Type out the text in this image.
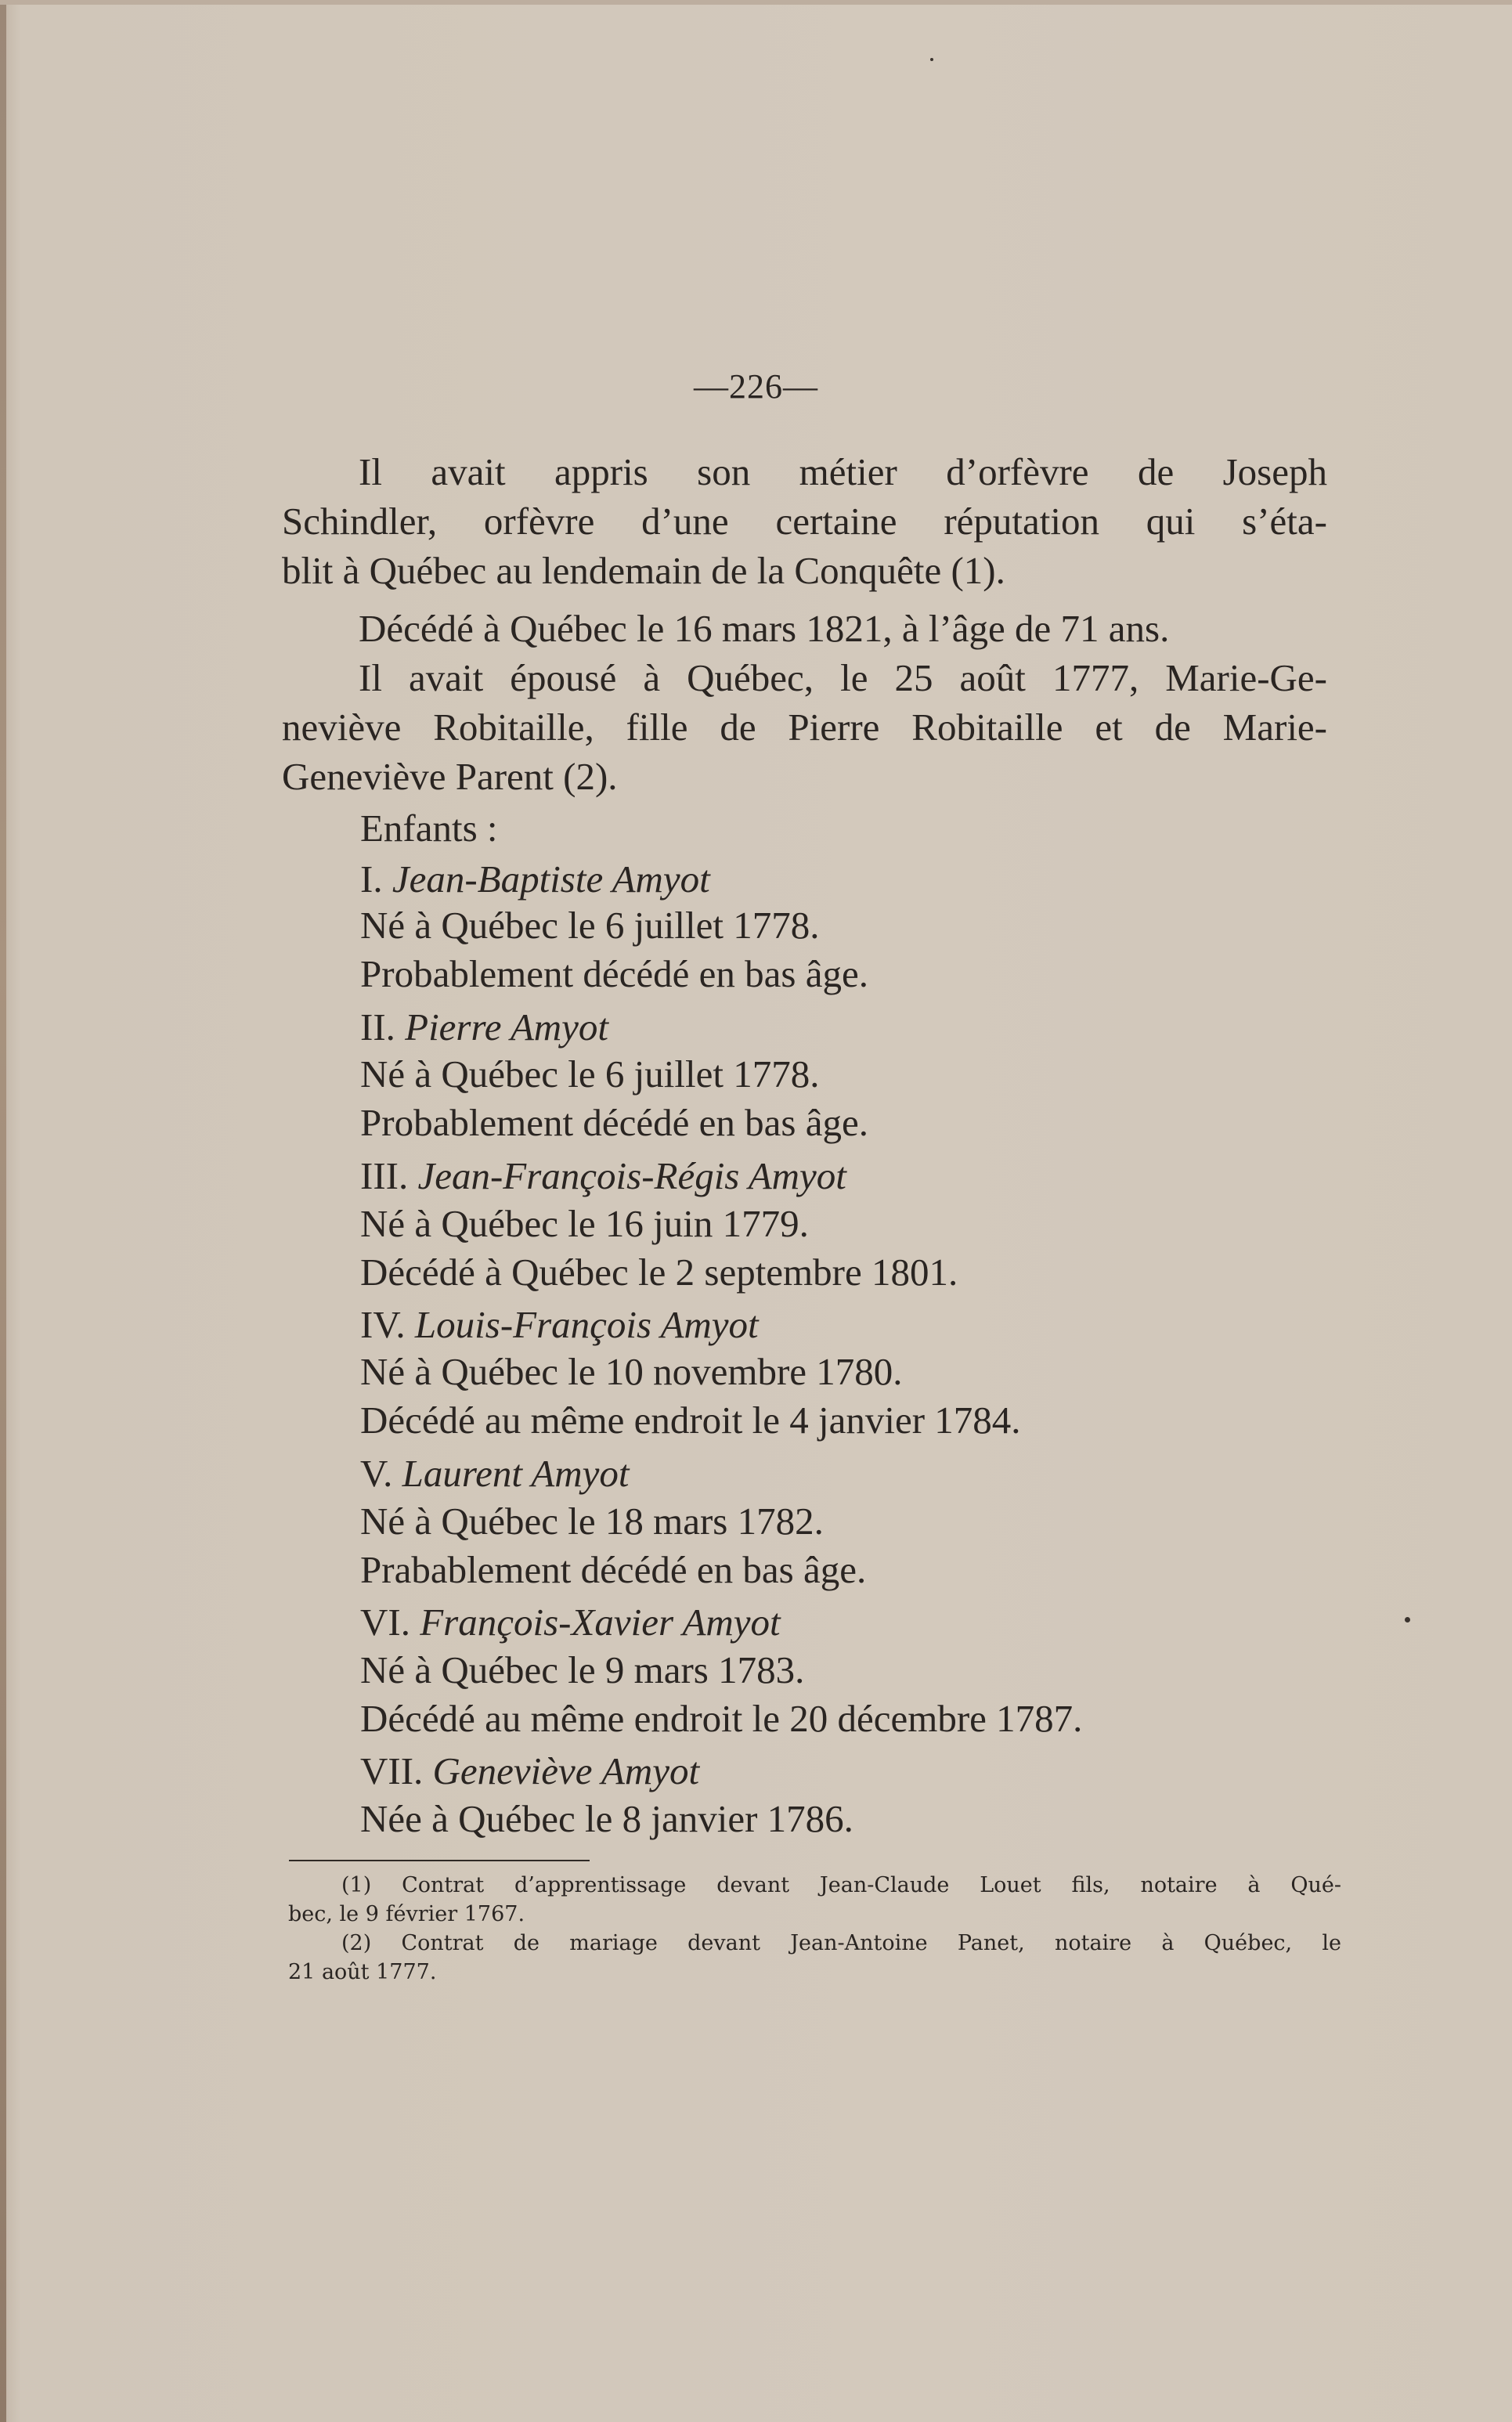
—226—
Il avait appris son métier d’orfèvre de Joseph
Schindler, orfèvre d’une certaine réputation qui s’éta-
blit à Québec au lendemain de la Conquête (1).
Décédé à Québec le 16 mars 1821, à l’âge de 71 ans.
Il avait épousé à Québec, le 25 août 1777, Marie-Ge-
neviève Robitaille, fille de Pierre Robitaille et de Marie-
Geneviève Parent (2).
Enfants :
I. Jean-Baptiste Amyot
Né à Québec le 6 juillet 1778.
Probablement décédé en bas âge.
II. Pierre Amyot
Né à Québec le 6 juillet 1778.
Probablement décédé en bas âge.
III. Jean-François-Régis Amyot
Né à Québec le 16 juin 1779.
Décédé à Québec le 2 septembre 1801.
IV. Louis-François Amyot
Né à Québec le 10 novembre 1780.
Décédé au même endroit le 4 janvier 1784.
V. Laurent Amyot
Né à Québec le 18 mars 1782.
Prabablement décédé en bas âge.
VI. François-Xavier Amyot
Né à Québec le 9 mars 1783.
Décédé au même endroit le 20 décembre 1787.
VII. Geneviève Amyot
Née à Québec le 8 janvier 1786.
(1) Contrat d’apprentissage devant Jean-Claude Louet fils, notaire à Qué-
bec, le 9 février 1767.
(2) Contrat de mariage devant Jean-Antoine Panet, notaire à Québec, le
21 août 1777.
